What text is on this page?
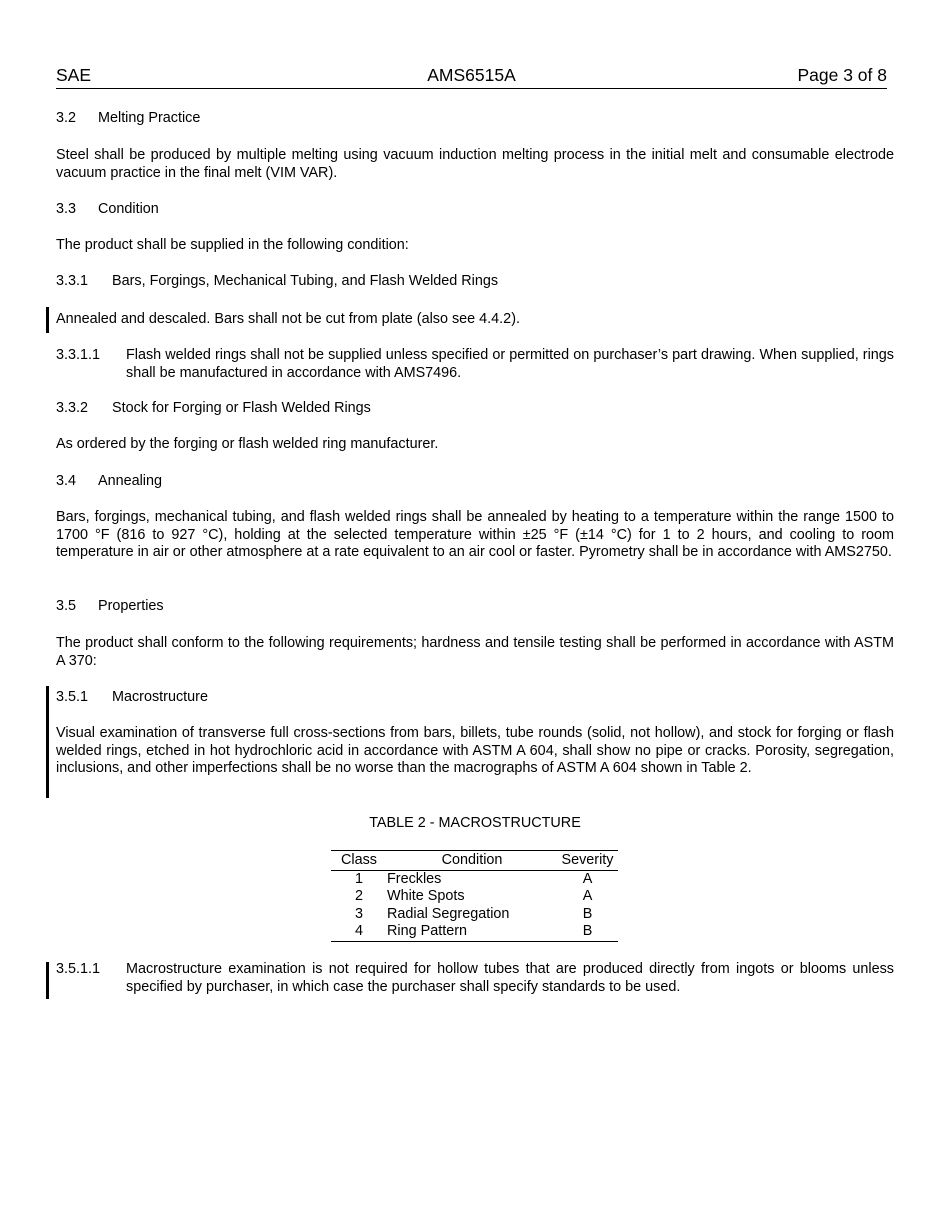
SAE	AMS6515A	Page 3 of 8

3.2 Melting Practice

Steel shall be produced by multiple melting using vacuum induction melting process in the initial melt and consumable electrode vacuum practice in the final melt (VIM VAR).

3.3 Condition

The product shall be supplied in the following condition:

3.3.1 Bars, Forgings, Mechanical Tubing, and Flash Welded Rings

Annealed and descaled. Bars shall not be cut from plate (also see 4.4.2).

3.3.1.1 Flash welded rings shall not be supplied unless specified or permitted on purchaser’s part drawing. When supplied, rings shall be manufactured in accordance with AMS7496.

3.3.2 Stock for Forging or Flash Welded Rings

As ordered by the forging or flash welded ring manufacturer.

3.4 Annealing

Bars, forgings, mechanical tubing, and flash welded rings shall be annealed by heating to a temperature within the range 1500 to 1700 °F (816 to 927 °C), holding at the selected temperature within ±25 °F (±14 °C) for 1 to 2 hours, and cooling to room temperature in air or other atmosphere at a rate equivalent to an air cool or faster. Pyrometry shall be in accordance with AMS2750.

3.5 Properties

The product shall conform to the following requirements; hardness and tensile testing shall be performed in accordance with ASTM A 370:

3.5.1 Macrostructure

Visual examination of transverse full cross-sections from bars, billets, tube rounds (solid, not hollow), and stock for forging or flash welded rings, etched in hot hydrochloric acid in accordance with ASTM A 604, shall show no pipe or cracks. Porosity, segregation, inclusions, and other imperfections shall be no worse than the macrographs of ASTM A 604 shown in Table 2.

TABLE 2 - MACROSTRUCTURE
Class	Condition	Severity
1	Freckles	A
2	White Spots	A
3	Radial Segregation	B
4	Ring Pattern	B
3.5.1.1 Macrostructure examination is not required for hollow tubes that are produced directly from ingots or blooms unless specified by purchaser, in which case the purchaser shall specify standards to be used.
